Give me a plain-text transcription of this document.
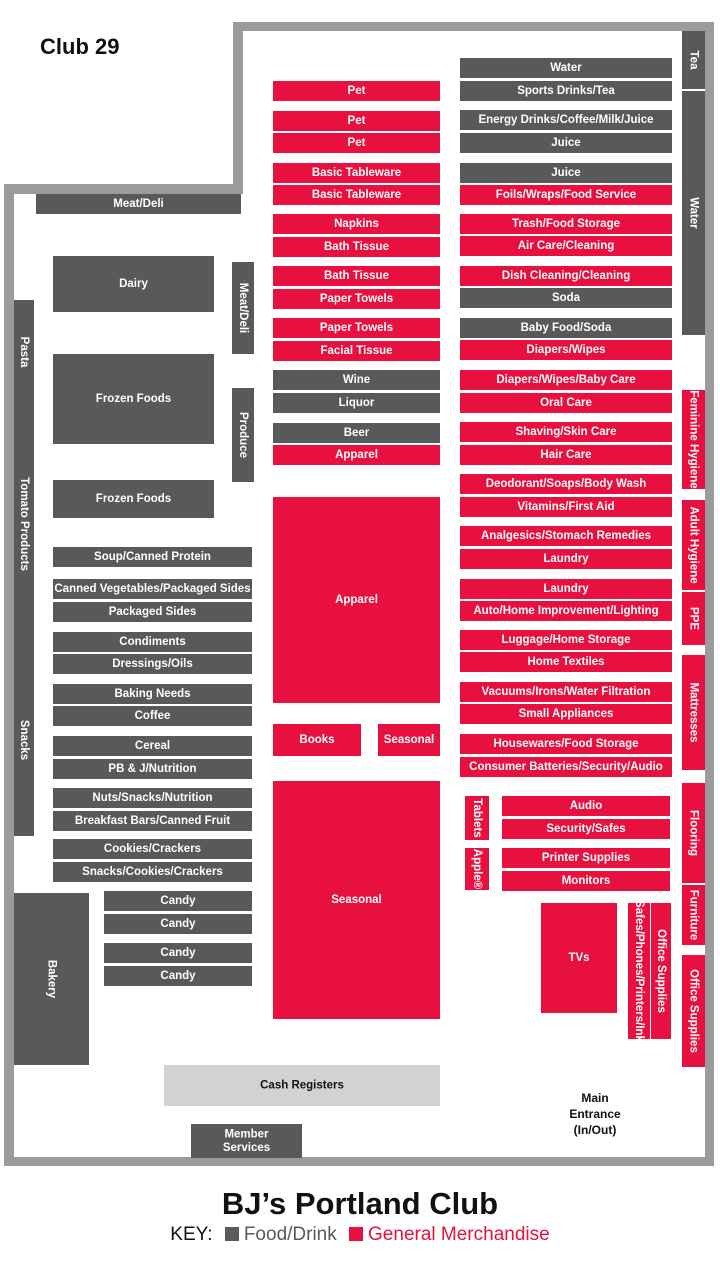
Pet
Pet
Pet
Basic Tableware
Basic Tableware
Napkins
Bath Tissue
Bath Tissue
Paper Towels
Paper Towels
Facial Tissue
Wine
Liquor
Beer
Apparel
Apparel
Books	Seasonal
Seasonal
Water
Sports Drinks/Tea
Energy Drinks/Coffee/Milk/Juice
Juice
Juice
Foils/Wraps/Food Service
Trash/Food Storage
Air Care/Cleaning
Dish Cleaning/Cleaning
Soda
Baby Food/Soda
Diapers/Wipes
Diapers/Wipes/Baby Care
Oral Care
Shaving/Skin Care
Hair Care
Deodorant/Soaps/Body Wash
Vitamins/First Aid
Analgesics/Stomach Remedies
Laundry
Laundry
Auto/Home Improvement/Lighting
Luggage/Home Storage
Home Textiles
Vacuums/Irons/Water Filtration
Small Appliances
Housewares/Food Storage
Consumer Batteries/Security/Audio
Tablets
Apple®
Audio
Security/Safes
Printer Supplies
Monitors
TVs	Safes/Phones/Printers/Ink Office Supplies
Tea
Water
Feminine Hygiene
Adult Hygiene
PPE
Mattresses
Flooring
Furniture
Office Supplies
Meat/Deli
Pasta
Tomato Products
Snacks
Bakery
Dairy	Meat/Deli
Frozen Foods
Produce
Frozen Foods
Soup/Canned Protein
Canned Vegetables/Packaged Sides
Packaged Sides
Condiments
Dressings/Oils
Baking Needs
Coffee
Cereal
PB & J/Nutrition
Nuts/Snacks/Nutrition
Breakfast Bars/Canned Fruit
Cookies/Crackers
Snacks/Cookies/Crackers
Candy
Candy
Candy
Candy
Cash Registers
Member Services
Club 29
Main
Entrance
(In/Out)
BJ’s Portland Club
KEY: Food/Drink General Merchandise
